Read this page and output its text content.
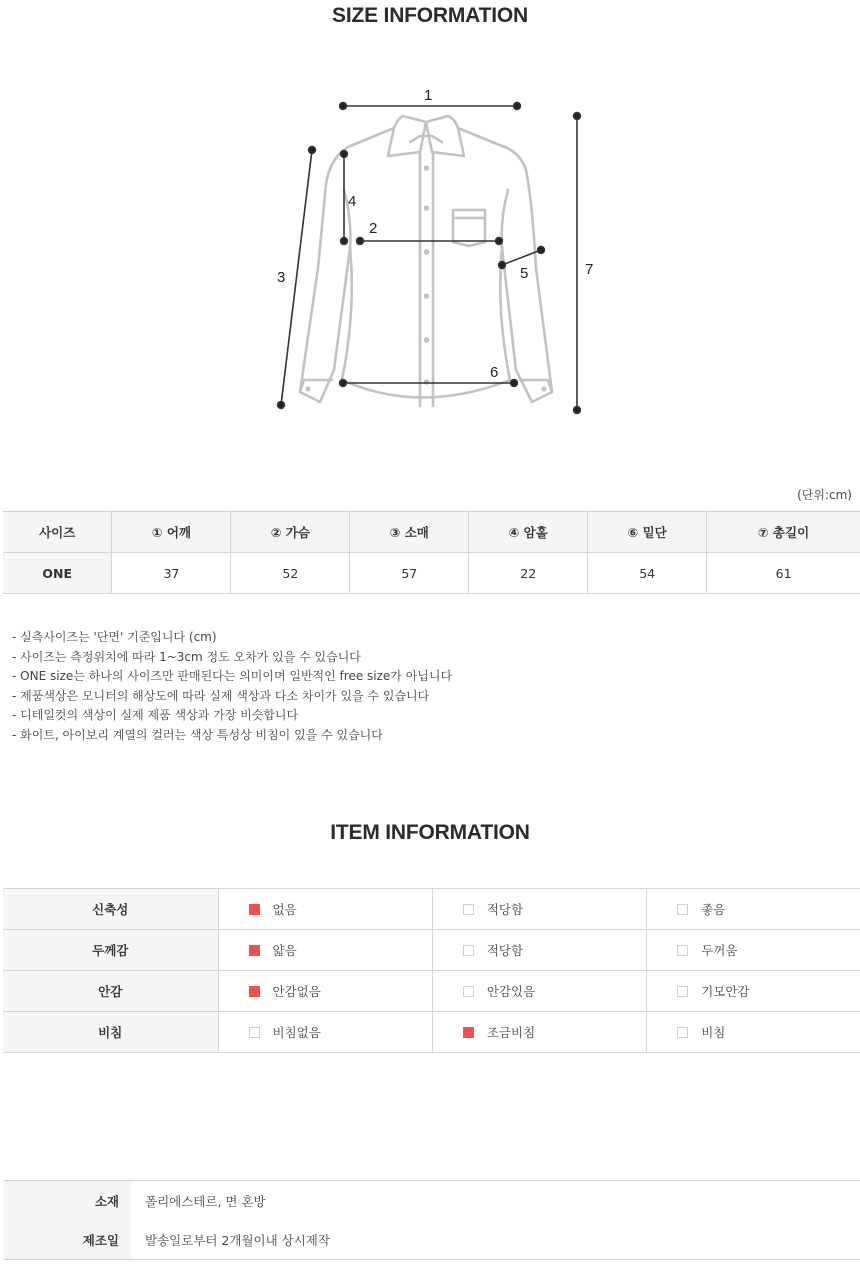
SIZE INFORMATION
1
2
3
4
5
6
7
(단위:cm)
사이즈	① 어깨	② 가슴	③ 소매	④ 암홀	⑥ 밑단	⑦ 총길이
ONE	37	52	57	22	54	61
- 실측사이즈는 '단면' 기준입니다 (cm)
- 사이즈는 측정위치에 따라 1~3cm 정도 오차가 있을 수 있습니다
- ONE size는 하나의 사이즈만 판매된다는 의미이며 일반적인 free size가 아닙니다
- 제품색상은 모니터의 해상도에 따라 실제 색상과 다소 차이가 있을 수 있습니다
- 디테일컷의 색상이 실제 제품 색상과 가장 비슷합니다
- 화이트, 아이보리 계열의 컬러는 색상 특성상 비침이 있을 수 있습니다
ITEM INFORMATION
신축성	없음	적당함	좋음
두께감	얇음	적당함	두꺼움
안감	안감없음	안감있음	기모안감
비침	비침없음	조금비침	비침
소재	폴리에스테르, 면 혼방
제조일	발송일로부터 2개월이내 상시제작
